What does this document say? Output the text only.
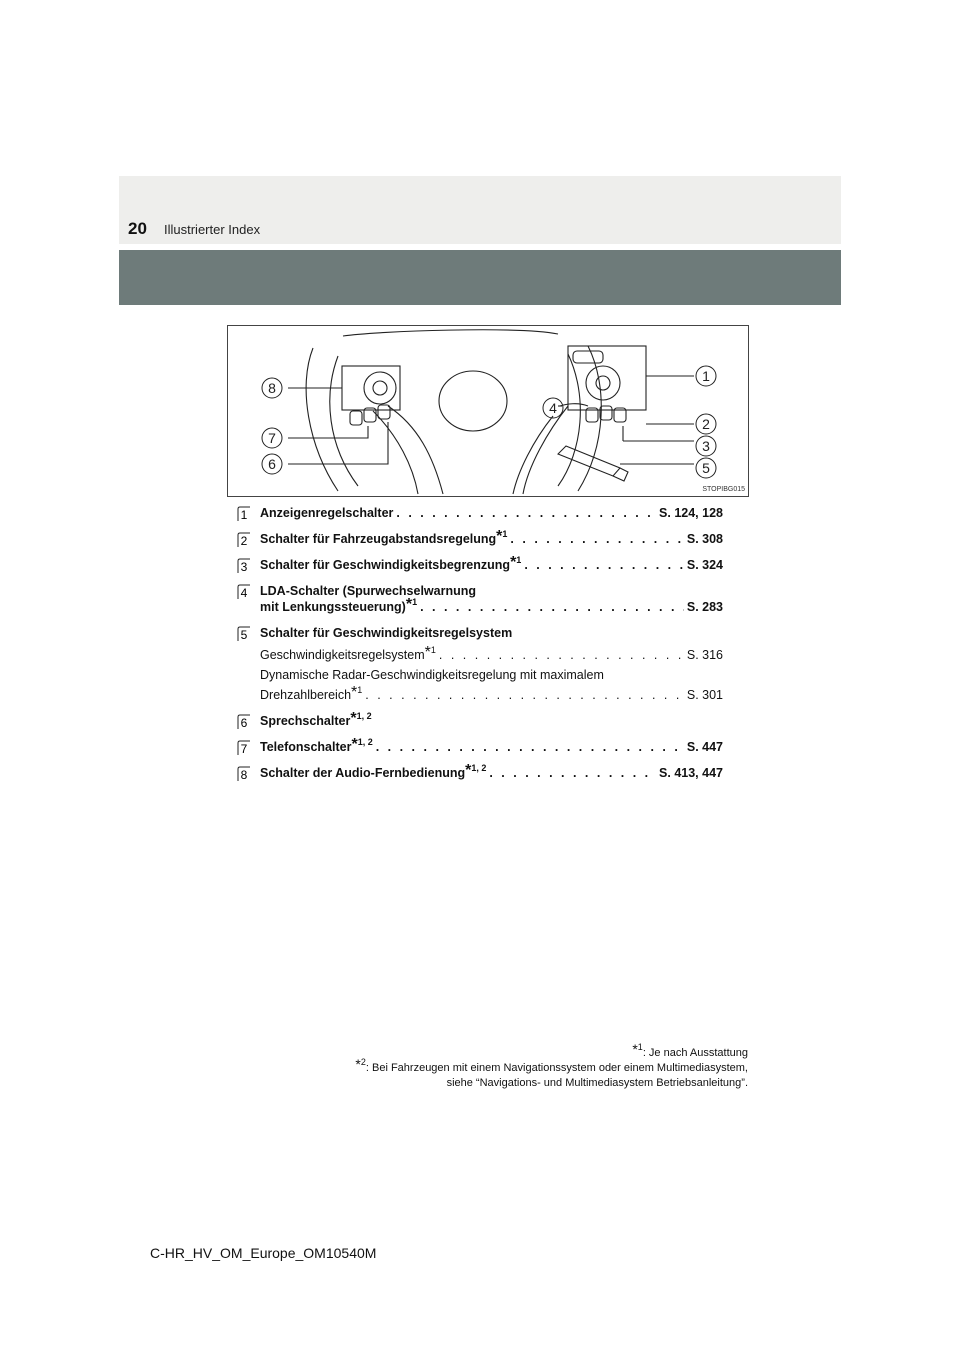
20 Illustrierter Index
1
2
3
4
5
6
7
8
STOPIBG015
1 Anzeigenregelschalter . . .	S. 124, 128
2 Schalter für Fahrzeugabstandsregelung$^{*1}$ . . .	S. 308
3 Schalter für Geschwindigkeitsbegrenzung$^{*1}$ . . .	S. 324
4 LDA-Schalter (Spurwechselwarnung
mit Lenkungssteuerung)$^{*1}$ . . .	S. 283
5 Schalter für Geschwindigkeitsregelsystem
Geschwindigkeitsregelsystem$^{*1}$ . . .	S. 316
Dynamische Radar-Geschwindigkeitsregelung mit maximalem
Drehzahlbereich$^{*1}$ . . .	S. 301
6 Sprechschalter$^{*1, 2}$
7 Telefonschalter$^{*1, 2}$ . . .	S. 447
8 Schalter der Audio-Fernbedienung$^{*1, 2}$ . . .	S. 413, 447
$^{*1}$: Je nach Ausstattung
$^{*2}$: Bei Fahrzeugen mit einem Navigationssystem oder einem Multimediasystem,
siehe “Navigations- und Multimediasystem Betriebsanleitung”.
C-HR_HV_OM_Europe_OM10540M
